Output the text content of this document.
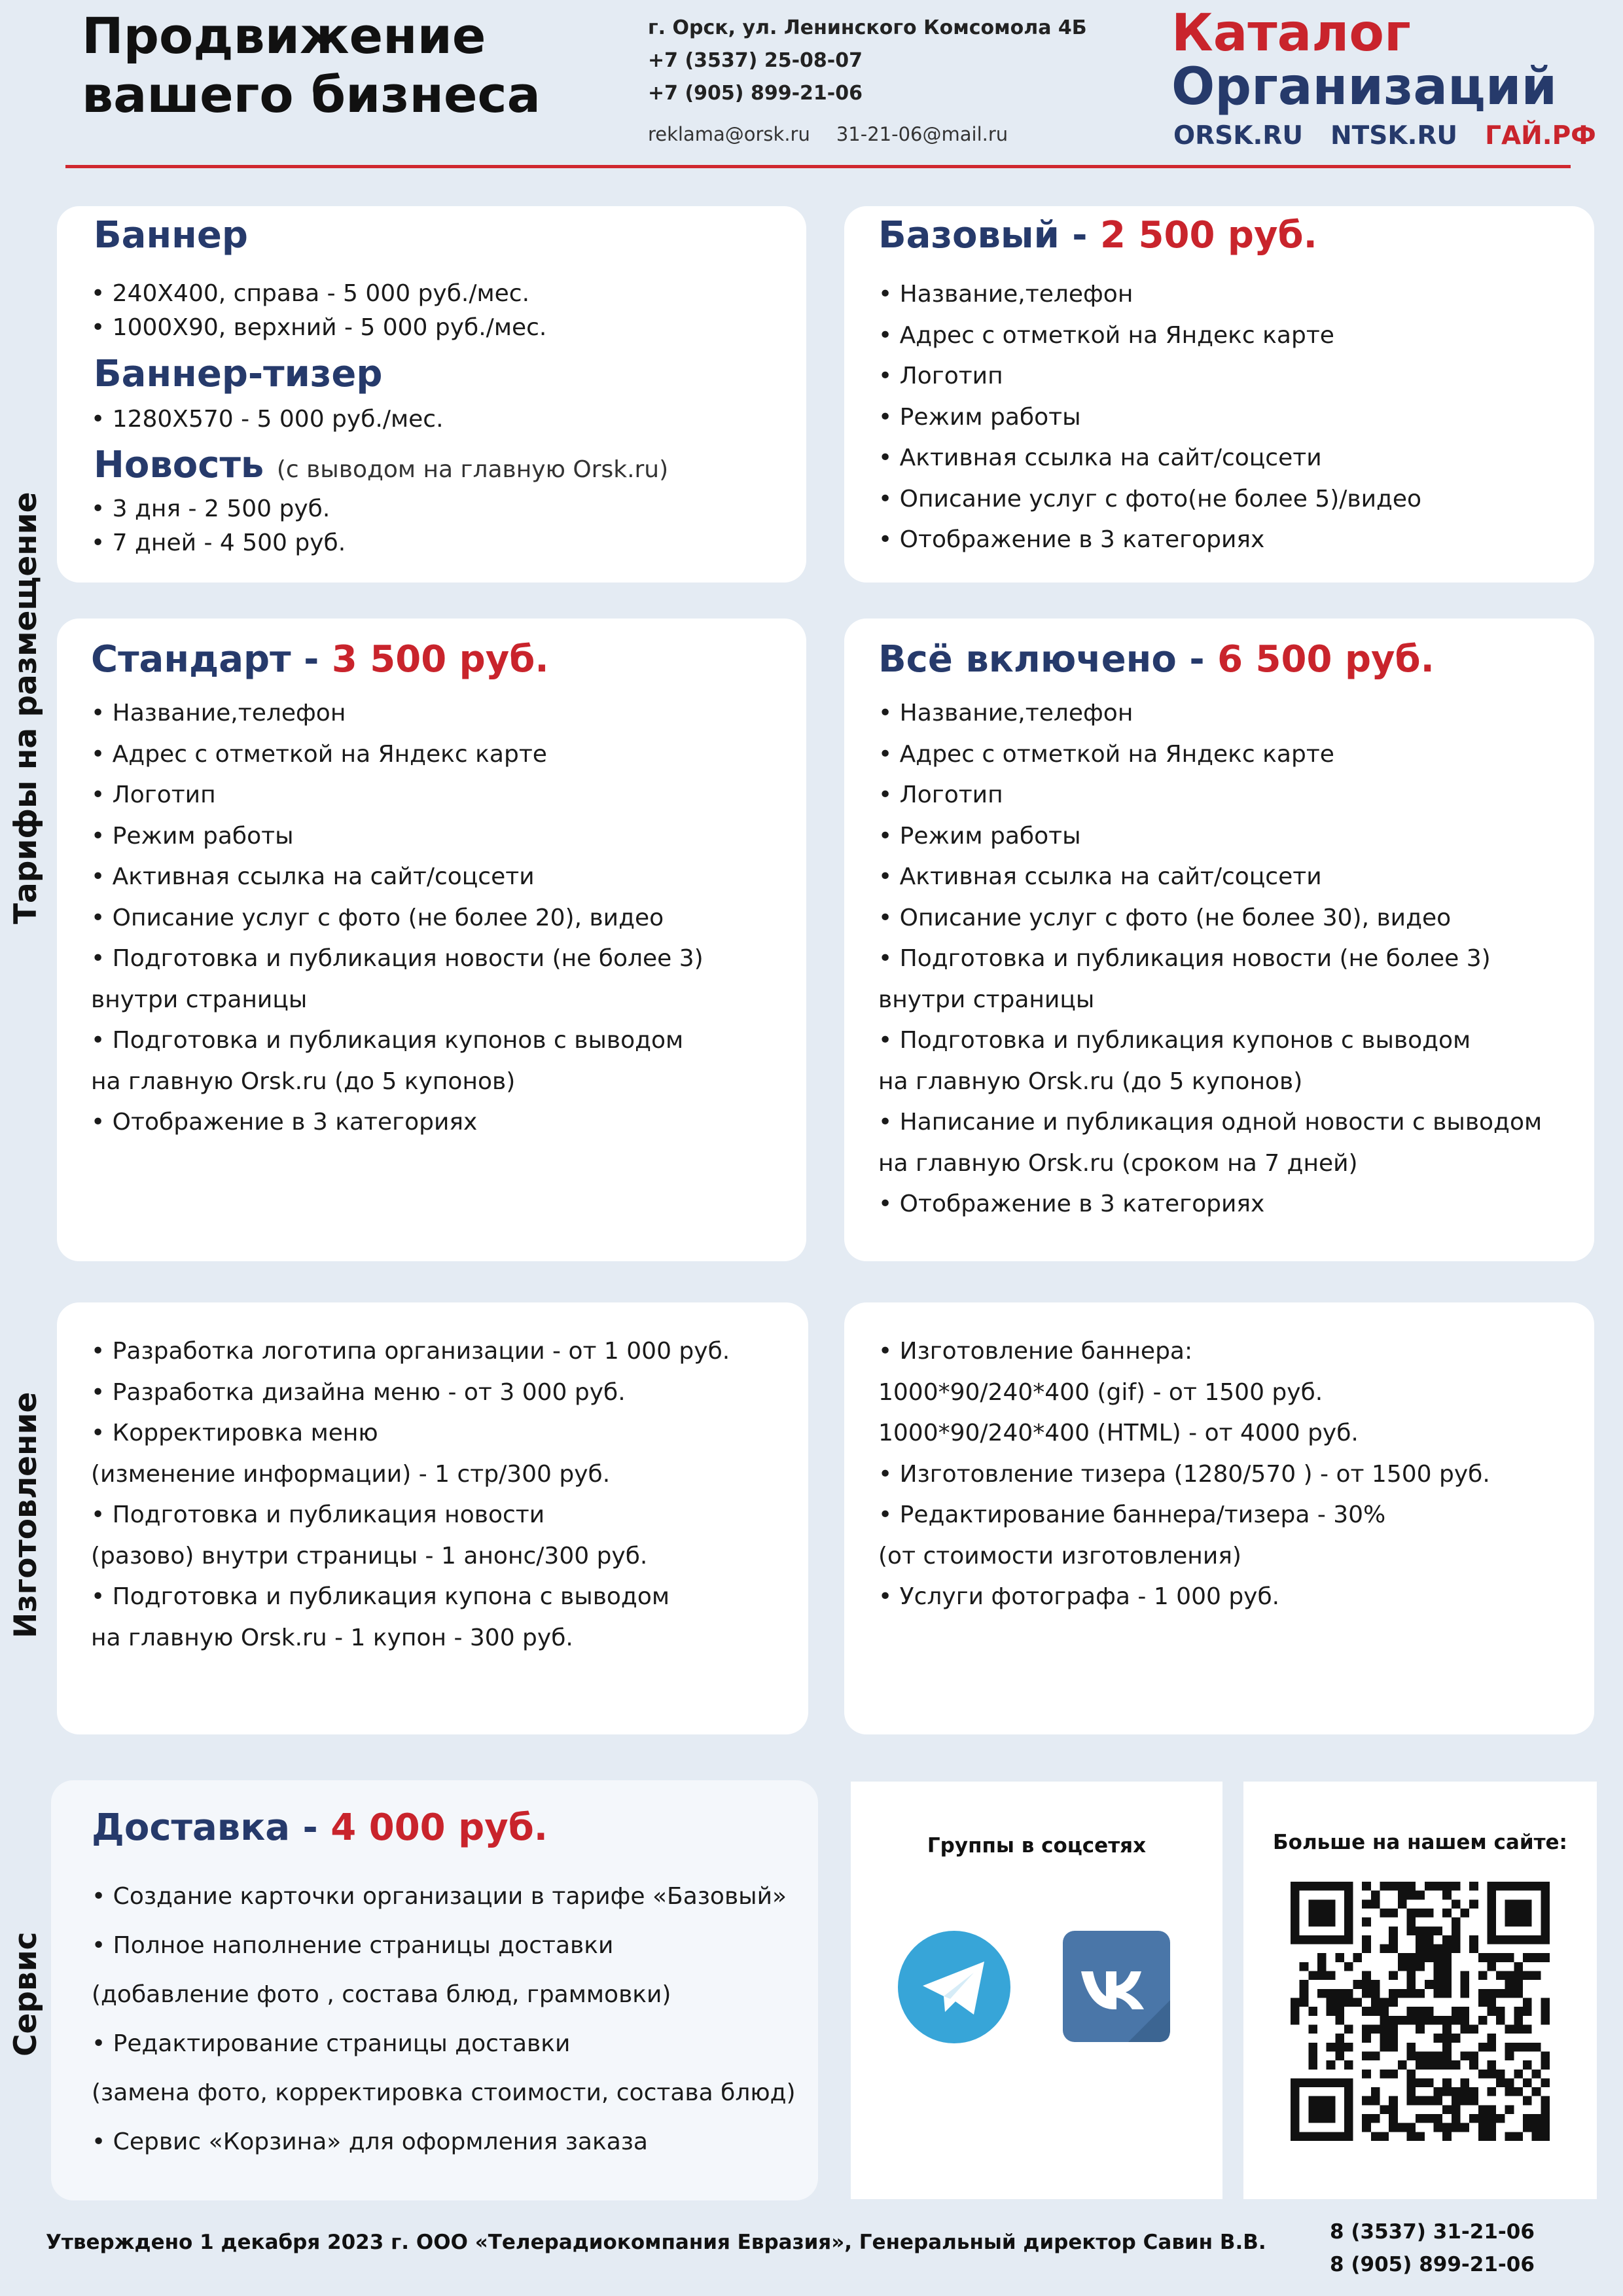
Продвижение
вашего бизнеса
г. Орск, ул. Ленинского Комсомола 4Б
+7 (3537) 25-08-07
+7 (905) 899-21-06
reklama@orsk.ru 31-21-06@mail.ru
Каталог
Организаций
ORSK.RU NTSK.RU ГАЙ.РФ
Тарифы на размещение
Изготовление
Сервис
Баннер
• 240X400, справа - 5 000 руб./мес.
• 1000X90, верхний - 5 000 руб./мес.
Баннер-тизер
• 1280X570 - 5 000 руб./мес.
Новость (с выводом на главную Orsk.ru)
• 3 дня - 2 500 руб.
• 7 дней - 4 500 руб.
Базовый - 2 500 руб.
• Название,телефон
• Адрес с отметкой на Яндекс карте
• Логотип
• Режим работы
• Активная ссылка на сайт/соцсети
• Описание услуг с фото(не более 5)/видео
• Отображение в 3 категориях
Стандарт - 3 500 руб.
• Название,телефон
• Адрес с отметкой на Яндекс карте
• Логотип
• Режим работы
• Активная ссылка на сайт/соцсети
• Описание услуг с фото (не более 20), видео
• Подготовка и публикация новости (не более 3)
внутри страницы
• Подготовка и публикация купонов с выводом
на главную Orsk.ru (до 5 купонов)
• Отображение в 3 категориях
Всё включено - 6 500 руб.
• Название,телефон
• Адрес с отметкой на Яндекс карте
• Логотип
• Режим работы
• Активная ссылка на сайт/соцсети
• Описание услуг с фото (не более 30), видео
• Подготовка и публикация новости (не более 3)
внутри страницы
• Подготовка и публикация купонов с выводом
на главную Orsk.ru (до 5 купонов)
• Написание и публикация одной новости с выводом
на главную Orsk.ru (сроком на 7 дней)
• Отображение в 3 категориях
• Разработка логотипа организации - от 1 000 руб.
• Разработка дизайна меню - от 3 000 руб.
• Корректировка меню
(изменение информации) - 1 стр/300 руб.
• Подготовка и публикация новости
(разово) внутри страницы - 1 анонс/300 руб.
• Подготовка и публикация купона с выводом
на главную Orsk.ru - 1 купон - 300 руб.
• Изготовление баннера:
1000*90/240*400 (gif) - от 1500 руб.
1000*90/240*400 (HTML) - от 4000 руб.
• Изготовлениe тизера (1280/570 ) - от 1500 руб.
• Редактирование баннера/тизера - 30%
(от стоимости изготовления)
• Услуги фотографа - 1 000 руб.
Доставка - 4 000 руб.
• Создание карточки организации в тарифе «Базовый»
• Полное наполнение страницы доставки
(добавление фото , состава блюд, граммовки)
• Редактирование страницы доставки
(замена фото, корректировка стоимости, состава блюд)
• Сервис «Корзина» для оформления заказа
Группы в соцсетях	Больше на нашем сайте:
Утверждено 1 декабря 2023 г. ООО «Телерадиокомпания Евразия», Генеральный директор Савин В.В.	8 (3537) 31-21-06
8 (905) 899-21-06
